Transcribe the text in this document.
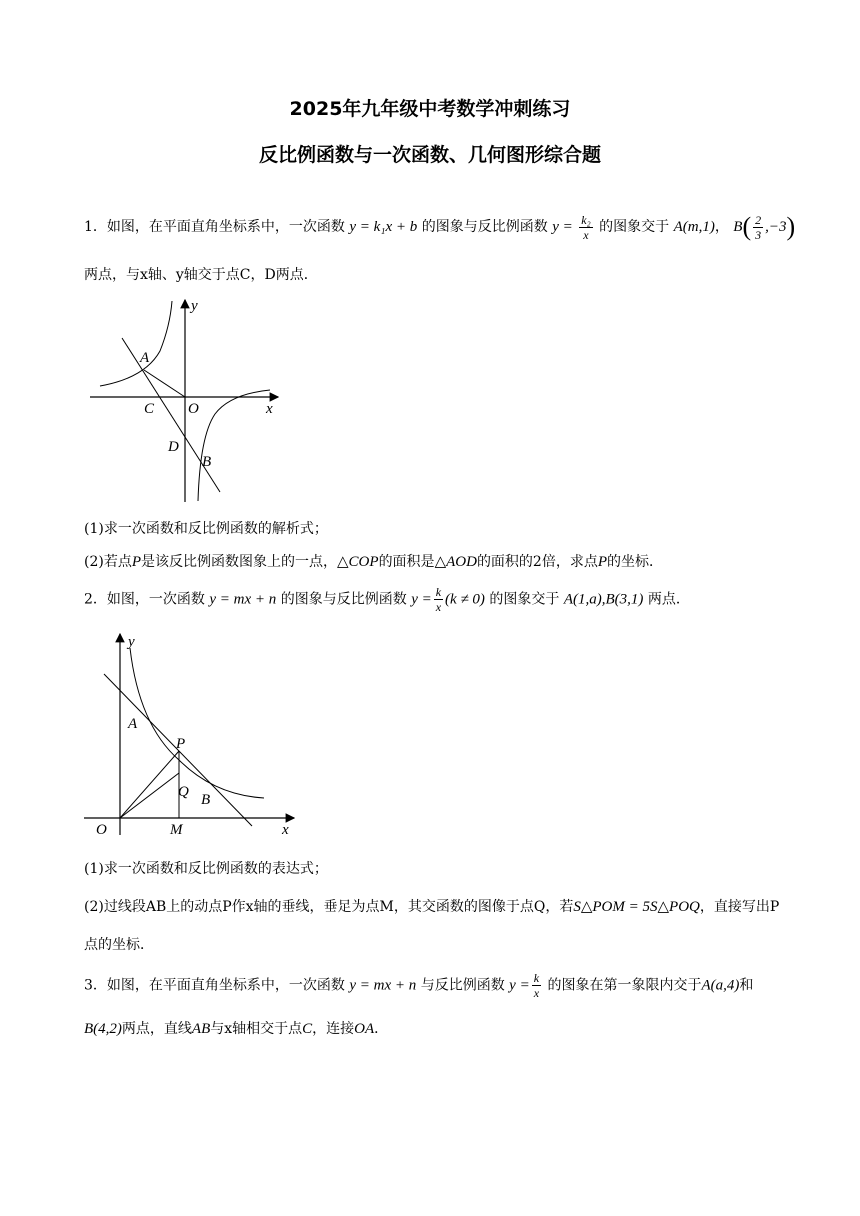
2025年九年级中考数学冲刺练习
反比例函数与一次函数、几何图形综合题
1．如图，在平面直角坐标系中，一次函数 y = k₁x + b 的图象与反比例函数 $y = \frac{\text{k₂}}{x}$ 的图象交于 A(m,1)， $B( \frac{2}{3} ,-3)$
两点，与x轴、y轴交于点C，D两点．
A
C O	x
y
D
B
(1)求一次函数和反比例函数的解析式；
(2)若点P是该反比例函数图象上的一点，△COP的面积是△AOD的面积的2倍，求点P的坐标．
2．如图，一次函数 y = mx + n 的图象与反比例函数 $y = \frac{k}{x} (k \ne 0)$ 的图象交于 A(1,a),B(3,1) 两点．
A
P
Q B
O	M	x
y
(1)求一次函数和反比例函数的表达式；
(2)过线段AB上的动点P作x轴的垂线，垂足为点M，其交函数的图像于点Q，若S△POM = 5S△POQ，直接写出P
点的坐标．
3．如图，在平面直角坐标系中，一次函数 y = mx + n 与反比例函数 $y = \frac{k}{x}$ 的图象在第一象限内交于A(a,4)和
B(4,2)两点，直线AB与x轴相交于点C，连接OA．
